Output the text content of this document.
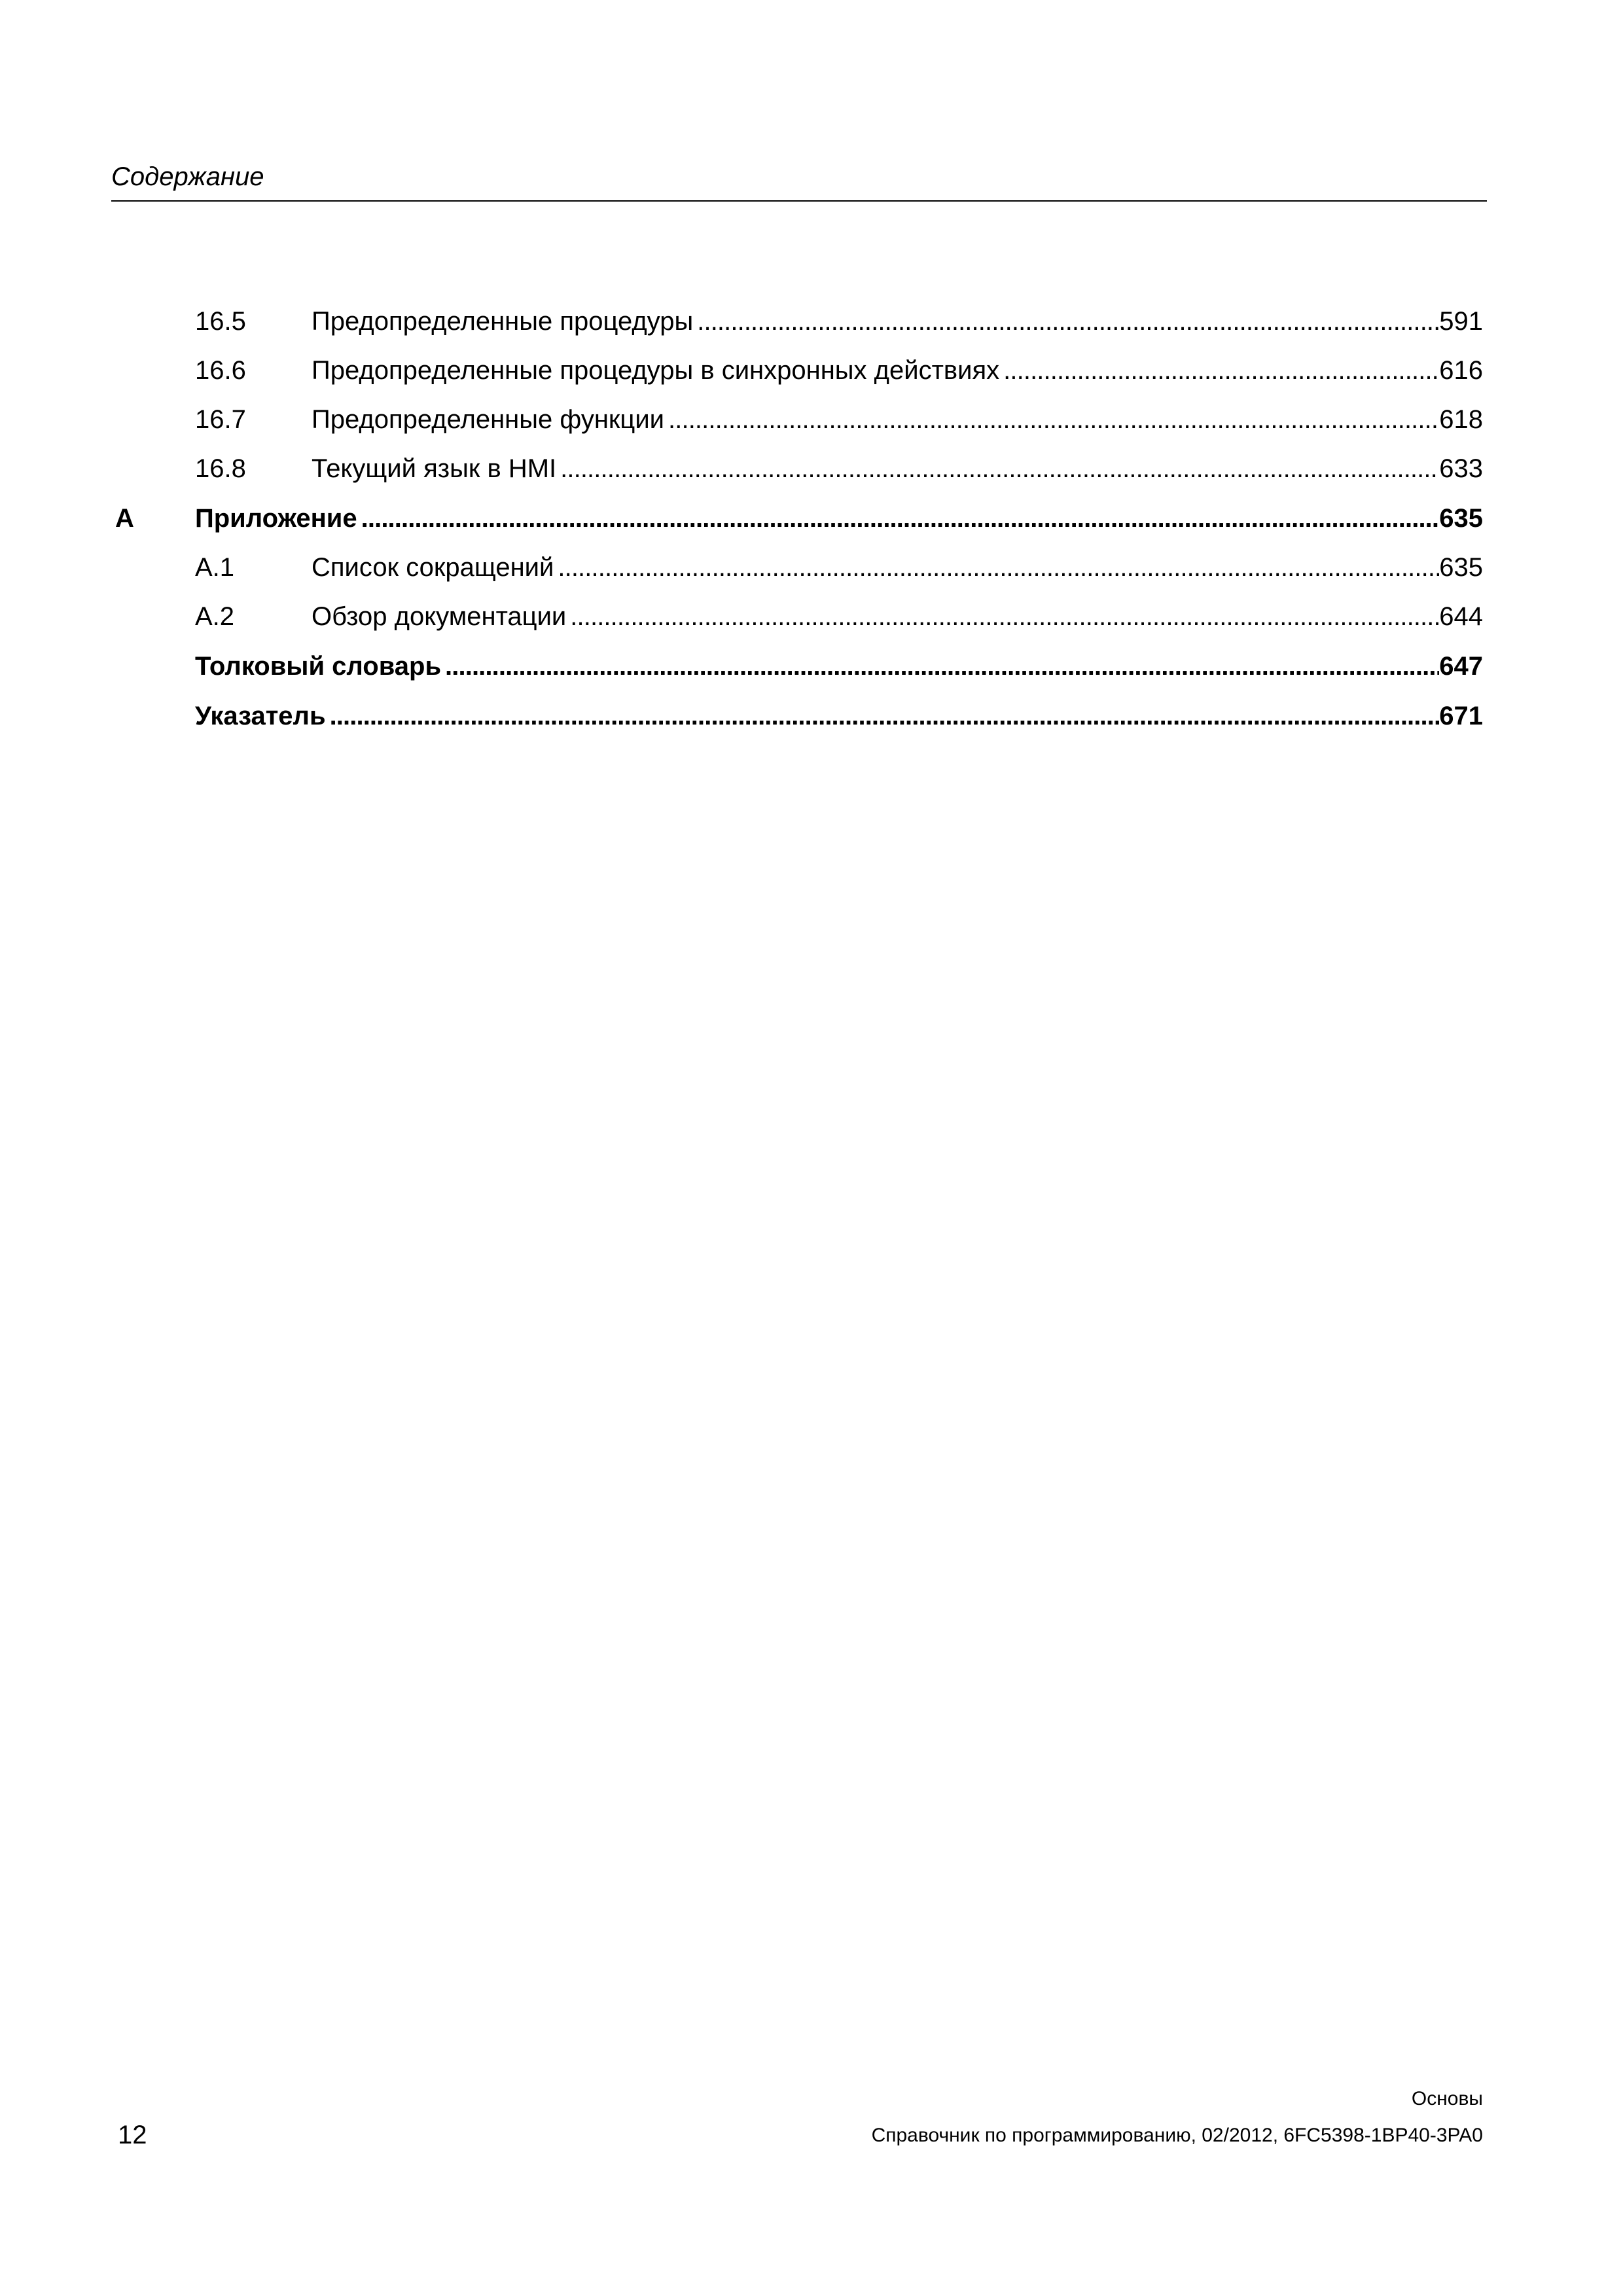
Содержание
16.5	Предопределенные процедуры . . .	591
16.6	Предопределенные процедуры в синхронных действиях . . .	616
16.7	Предопределенные функции . . .	618
16.8	Текущий язык в HMI . . .	633
A Приложение . . .	635
A.1	Список сокращений . . .	635
A.2	Обзор документации . . .	644
Толковый словарь . . .	647
Указатель . . .	671
Основы
Справочник по программированию, 02/2012, 6FC5398-1BP40-3PA0
12
